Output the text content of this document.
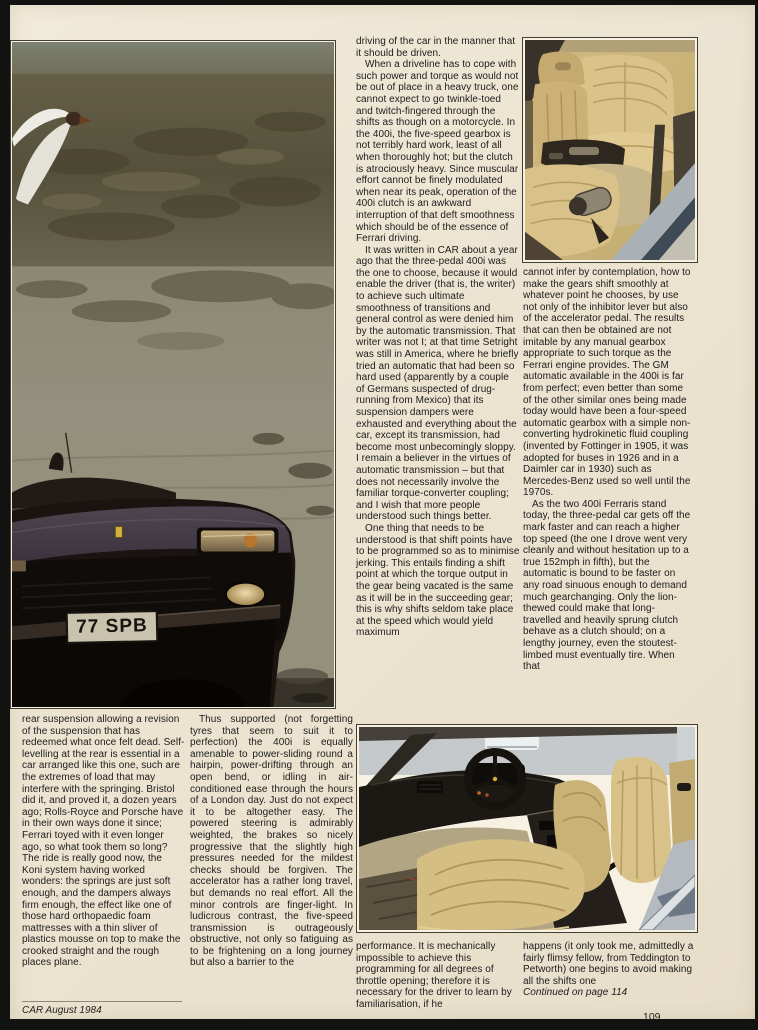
77 SPB

driving of the car in the manner that it should be driven.

When a driveline has to cope with such power and torque as would not be out of place in a heavy truck, one cannot expect to go twinkle-toed and twitch-fingered through the shifts as though on a motorcycle. In the 400i, the five-speed gearbox is not terribly hard work, least of all when thoroughly hot; but the clutch is atrociously heavy. Since muscular effort cannot be finely modulated when near its peak, operation of the 400i clutch is an awkward interruption of that deft smoothness which should be of the essence of Ferrari driving.

It was written in CAR about a year ago that the three-pedal 400i was the one to choose, because it would enable the driver (that is, the writer) to achieve such ultimate smoothness of transitions and general control as were denied him by the automatic transmission. That writer was not I; at that time Setright was still in America, where he briefly tried an automatic that had been so hard used (apparently by a couple of Germans suspected of drug-running from Mexico) that its suspension dampers were exhausted and everything about the car, except its transmission, had become most unbecomingly sloppy. I remain a believer in the virtues of automatic transmission – but that does not necessarily involve the familiar torque-converter coupling; and I wish that more people understood such things better.

One thing that needs to be understood is that shift points have to be programmed so as to minimise jerking. This entails finding a shift point at which the torque output in the gear being vacated is the same as it will be in the succeeding gear; this is why shifts seldom take place at the speed which would yield maximum

cannot infer by contemplation, how to make the gears shift smoothly at whatever point he chooses, by use not only of the inhibitor lever but also of the accelerator pedal. The results that can then be obtained are not imitable by any manual gearbox appropriate to such torque as the Ferrari engine provides. The GM automatic available in the 400i is far from perfect; even better than some of the other similar ones being made today would have been a four-speed automatic gearbox with a simple non-converting hydrokinetic fluid coupling (invented by Fottinger in 1905, it was adopted for buses in 1926 and in a Daimler car in 1930) such as Mercedes-Benz used so well until the 1970s.

As the two 400i Ferraris stand today, the three-pedal car gets off the mark faster and can reach a higher top speed (the one I drove went very cleanly and without hesitation up to a true 152mph in fifth), but the automatic is bound to be faster on any road sinuous enough to demand much gearchanging. Only the lion-thewed could make that long-travelled and heavily sprung clutch behave as a clutch should; on a lengthy journey, even the stoutest-limbed must eventually tire. When that

rear suspension allowing a revision of the suspension that has redeemed what once felt dead. Self-levelling at the rear is essential in a car arranged like this one, such are the extremes of load that may interfere with the springing. Bristol did it, and proved it, a dozen years ago; Rolls-Royce and Porsche have in their own ways done it since; Ferrari toyed with it even longer ago, so what took them so long? The ride is really good now, the Koni system having worked wonders: the springs are just soft enough, and the dampers always firm enough, the effect like one of those hard orthopaedic foam mattresses with a thin sliver of plastics mousse on top to make the crooked straight and the rough places plane.

Thus supported (not forgetting tyres that seem to suit it to perfection) the 400i is equally amenable to power-sliding round a hairpin, power-drifting through an open bend, or idling in air-conditioned ease through the hours of a London day. Just do not expect it to be altogether easy. The powered steering is admirably weighted, the brakes so nicely progressive that the slightly high pressures needed for the mildest checks should be forgiven. The accelerator has a rather long travel, but demands no real effort. All the minor controls are finger-light. In ludicrous contrast, the five-speed transmission is outrageously obstructive, not only so fatiguing as to be frightening on a long journey but also a barrier to the

performance. It is mechanically impossible to achieve this programming for all degrees of throttle opening; therefore it is necessary for the driver to learn by familiarisation, if he

happens (it only took me, admittedly a fairly flimsy fellow, from Teddington to Petworth) one begins to avoid making all the shifts one

Continued on page 114

CAR August 1984
109
